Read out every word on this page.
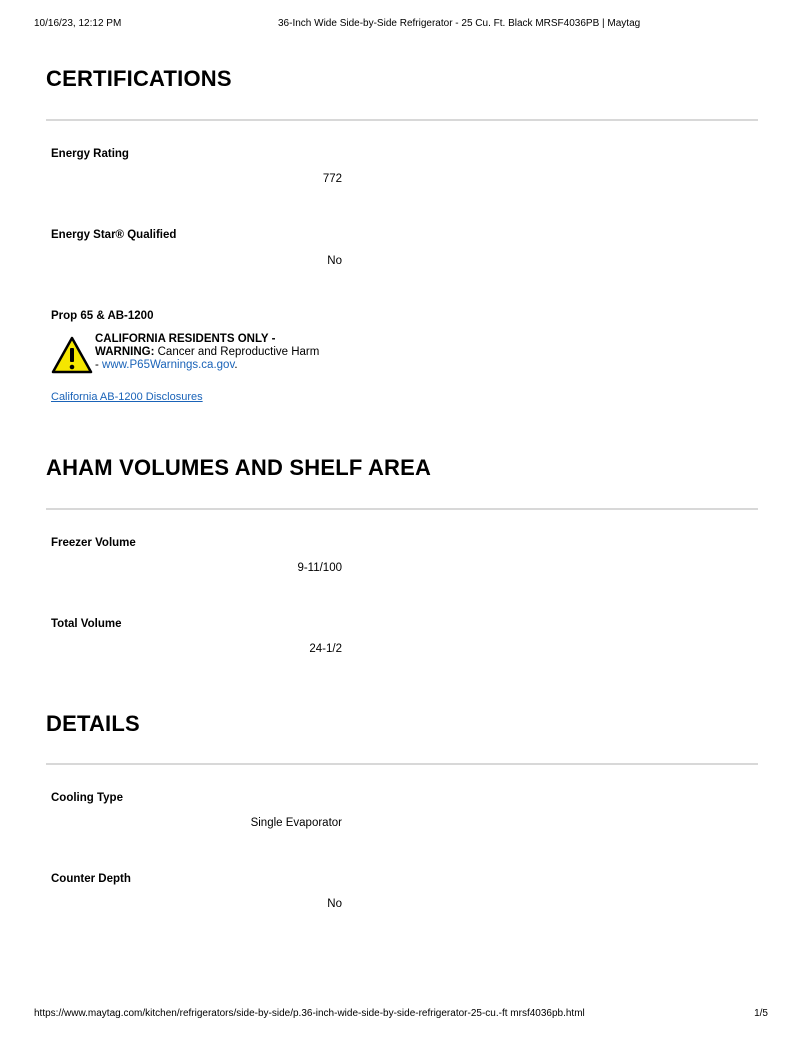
10/16/23, 12:12 PM	36-Inch Wide Side-by-Side Refrigerator - 25 Cu. Ft. Black MRSF4036PB | Maytag
CERTIFICATIONS
Energy Rating
772
Energy Star® Qualified
No
Prop 65 & AB-1200
CALIFORNIA RESIDENTS ONLY -
WARNING: Cancer and Reproductive Harm
- www.P65Warnings.ca.gov.
California AB-1200 Disclosures
AHAM VOLUMES AND SHELF AREA
Freezer Volume
9-11/100
Total Volume
24-1/2
DETAILS
Cooling Type
Single Evaporator
Counter Depth
No
https://www.maytag.com/kitchen/refrigerators/side-by-side/p.36-inch-wide-side-by-side-refrigerator-25-cu.-ft mrsf4036pb.html	1/5
